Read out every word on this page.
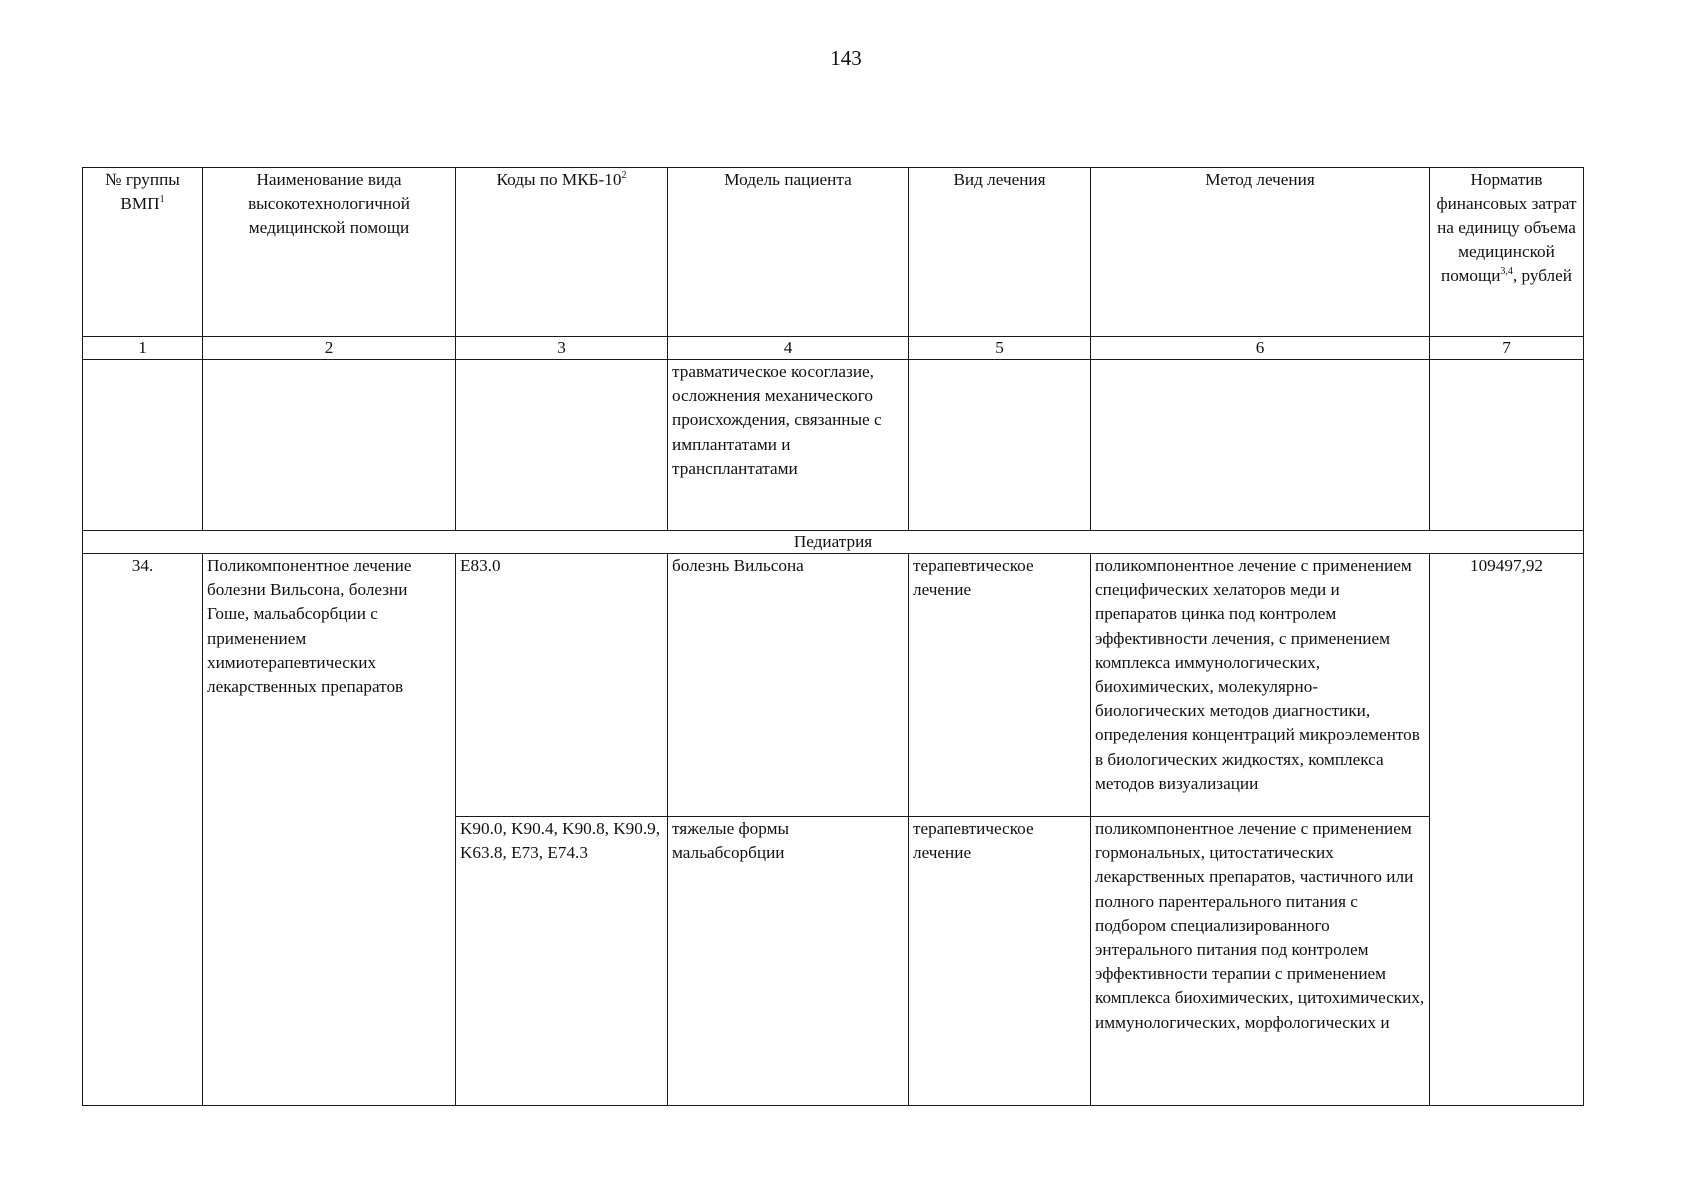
143
№ группы ВМП$^1$	Наименование вида высокотехнологичной медицинской помощи	Коды по МКБ-$10^2$	Модель пациента	Вид лечения	Метод лечения	Норматив финансовых затрат на единицу объема медицинской помощи$^{3,4}$, рублей
1	2	3	4	5	6	7
			травматическое косоглазие, осложнения механического происхождения, связанные с имплантатами и трансплантатами			
Педиатрия						
34.	Поликомпонентное лечение болезни Вильсона, болезни Гоше, мальабсорбции с применением химиотерапевтических лекарственных препаратов	E83.0	болезнь Вильсона	терапевтическое лечение	поликомпонентное лечение с применением специфических хелаторов меди и препаратов цинка под контролем эффективности лечения, с применением комплекса иммунологических, биохимических, молекулярно-биологических методов диагностики, определения концентраций микроэлементов в биологических жидкостях, комплекса методов визуализации	109497,92
		K90.0, K90.4, K90.8, K90.9, K63.8, E73, E74.3	тяжелые формы мальабсорбции	терапевтическое лечение	поликомпонентное лечение с применением гормональных, цитостатических лекарственных препаратов, частичного или полного парентерального питания с подбором специализированного энтерального питания под контролем эффективности терапии с применением комплекса биохимических, цитохимических, иммунологических, морфологических и	
